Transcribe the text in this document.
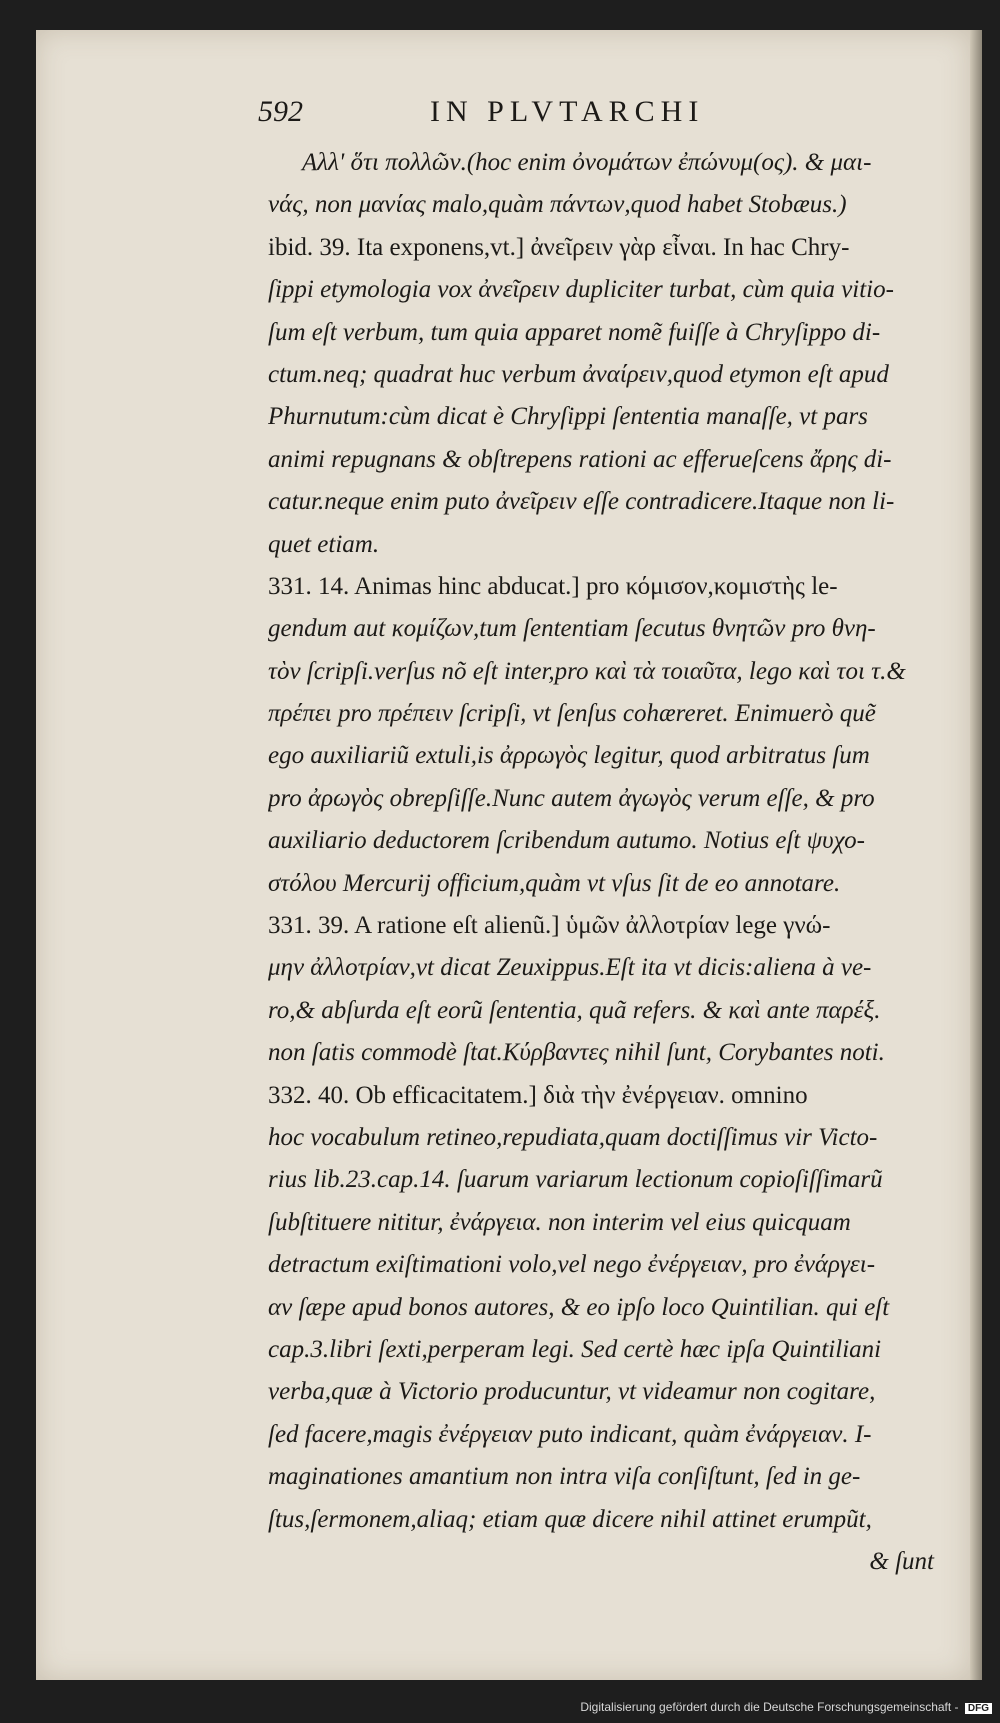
592	IN PLVTARCHI
Αλλ' ὅτι πολλῶν.(hoc enim ὀνομάτων ἐπώνυμ(ος). & μαι-
νάς, non μανίας malo,quàm πάντων,quod habet Stobæus.)
ibid. 39. Ita exponens,vt.] ἀνεῖρειν γὰρ εἶναι. In hac Chry-
ſippi etymologia vox ἀνεῖρειν dupliciter turbat, cùm quia vitio-
ſum eſt verbum, tum quia apparet nomẽ fuiſſe à Chryſippo di-
ctum.neq; quadrat huc verbum ἀναίρειν,quod etymon eſt apud
Phurnutum:cùm dicat è Chryſippi ſententia manaſſe, vt pars
animi repugnans & obſtrepens rationi ac efferueſcens ἄρης di-
catur.neque enim puto ἀνεῖρειν eſſe contradicere.Itaque non li-
quet etiam.
331. 14. Animas hinc abducat.] pro κόμισον,κομιστὴς le-
gendum aut κομίζων,tum ſententiam ſecutus θνητῶν pro θνη-
τὸν ſcripſi.verſus nõ eſt inter,pro καὶ τὰ τοιαῦτα, lego καὶ τοι τ.&
πρέπει pro πρέπειν ſcripſi, vt ſenſus cohæreret. Enimuerò quẽ
ego auxiliariũ extuli,is ἀρρωγὸς legitur, quod arbitratus ſum
pro ἀρωγὸς obrepſiſſe.Nunc autem ἀγωγὸς verum eſſe, & pro
auxiliario deductorem ſcribendum autumo. Notius eſt ψυχο-
στόλου Mercurij officium,quàm vt vſus ſit de eo annotare.
331. 39. A ratione eſt alienũ.] ὑμῶν ἀλλοτρίαν lege γνώ-
μην ἀλλοτρίαν,vt dicat Zeuxippus.Eſt ita vt dicis:aliena à ve-
ro,& abſurda eſt eorũ ſententia, quã refers. & καὶ ante παρέξ.
non ſatis commodè ſtat.Κύρβαντες nihil ſunt, Corybantes noti.
332. 40. Ob efficacitatem.] διὰ τὴν ἐνέργειαν. omnino
hoc vocabulum retineo,repudiata,quam doctiſſimus vir Victo-
rius lib.23.cap.14. ſuarum variarum lectionum copioſiſſimarũ
ſubſtituere nititur, ἐνάργεια. non interim vel eius quicquam
detractum exiſtimationi volo,vel nego ἐνέργειαν, pro ἐνάργει-
αν ſæpe apud bonos autores, & eo ipſo loco Quintilian. qui eſt
cap.3.libri ſexti,perperam legi. Sed certè hæc ipſa Quintiliani
verba,quæ à Victorio producuntur, vt videamur non cogitare,
ſed facere,magis ἐνέργειαν puto indicant, quàm ἐνάργειαν. I-
maginationes amantium non intra viſa conſiſtunt, ſed in ge-
ſtus,ſermonem,aliaq; etiam quæ dicere nihil attinet erumpũt,
& ſunt
Digitalisierung gefördert durch die Deutsche Forschungsgemeinschaft - DFG
